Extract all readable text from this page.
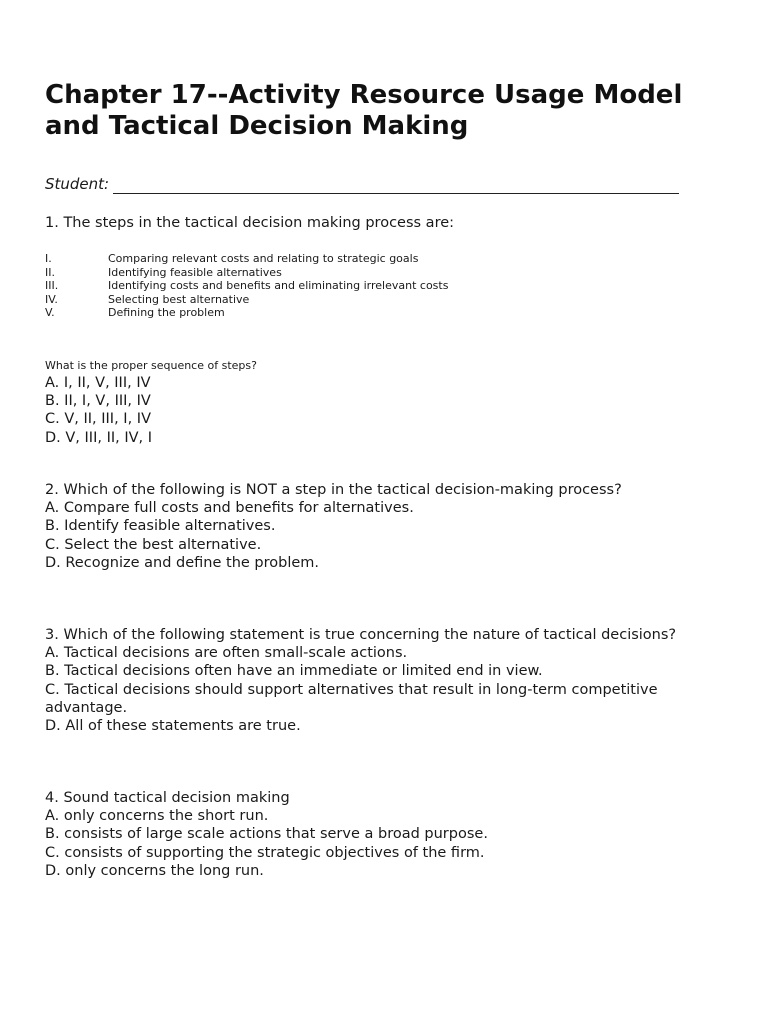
Chapter 17--Activity Resource Usage Model and Tactical Decision Making
Student:

1. The steps in the tactical decision making process are:

I.	Comparing relevant costs and relating to strategic goals
II.	Identifying feasible alternatives
III.	Identifying costs and benefits and eliminating irrelevant costs
IV.	Selecting best alternative
V.	Defining the problem
What is the proper sequence of steps?
A. I, II, V, III, IV
B. II, I, V, III, IV
C. V, II, III, I, IV
D. V, III, II, IV, I

2. Which of the following is NOT a step in the tactical decision-making process?

A. Compare full costs and benefits for alternatives.
B. Identify feasible alternatives.
C. Select the best alternative.
D. Recognize and define the problem.

3. Which of the following statement is true concerning the nature of tactical decisions?

A. Tactical decisions are often small-scale actions.
B. Tactical decisions often have an immediate or limited end in view.
C. Tactical decisions should support alternatives that result in long-term competitive advantage.
D. All of these statements are true.

4. Sound tactical decision making

A. only concerns the short run.
B. consists of large scale actions that serve a broad purpose.
C. consists of supporting the strategic objectives of the firm.
D. only concerns the long run.
